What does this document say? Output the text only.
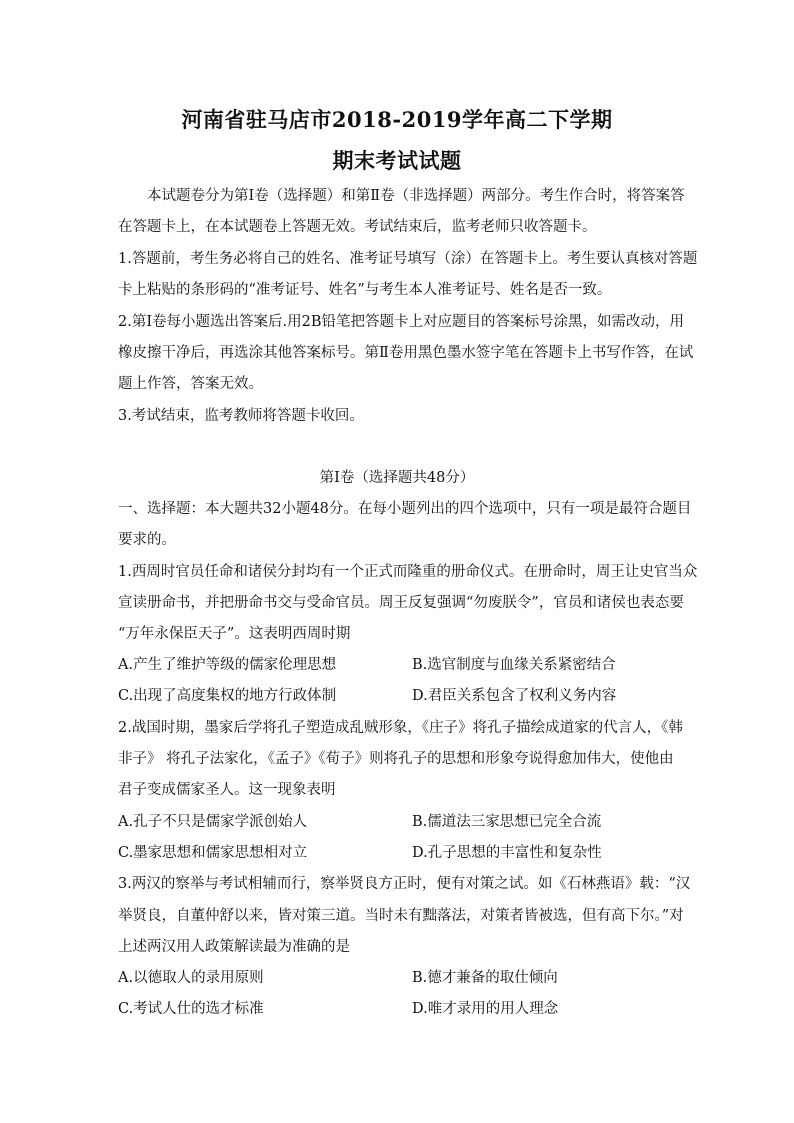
河南省驻马店市2018-2019学年高二下学期
期末考试试题
　　本试题卷分为第Ⅰ卷（选择题）和第Ⅱ卷（非选择题）两部分。考生作合时，将答案答
在答题卡上，在本试题卷上答题无效。考试结束后，监考老师只收答题卡。
1.答题前，考生务必将自己的姓名、准考证号填写（涂）在答题卡上。考生要认真核对答题
卡上粘贴的条形码的“准考证号、姓名”与考生本人准考证号、姓名是否一致。
2.第Ⅰ卷每小题选出答案后.用2B铅笔把答题卡上对应题目的答案标号涂黑，如需改动，用
橡皮擦干净后，再选涂其他答案标号。第Ⅱ卷用黑色墨水签字笔在答题卡上书写作答，在试
题上作答，答案无效。
3.考试结束，监考教师将答题卡收回。
第Ⅰ卷（选择题共48分）
一、选择题：本大题共32小题48分。在每小题列出的四个选项中，只有一项是最符合题目
要求的。
1.西周时官员任命和诸侯分封均有一个正式而隆重的册命仪式。在册命时，周王让史官当众
宣读册命书，并把册命书交与受命官员。周王反复强调“勿废朕令”，官员和诸侯也表态要
“万年永保臣天子”。这表明西周时期
A.产生了维护等级的儒家伦理思想	B.选官制度与血缘关系紧密结合
C.出现了高度集权的地方行政体制	D.君臣关系包含了权利义务内容
2.战国时期，墨家后学将孔子塑造成乱贼形象，《庄子》将孔子描绘成道家的代言人，《韩
非子》 将孔子法家化，《孟子》《荀子》则将孔子的思想和形象夸说得愈加伟大，使他由
君子变成儒家圣人。这一现象表明
A.孔子不只是儒家学派创始人	B.儒道法三家思想已完全合流
C.墨家思想和儒家思想相对立	D.孔子思想的丰富性和复杂性
3.两汉的察举与考试相辅而行，察举贤良方正时，便有对策之试。如《石林燕语》载：“汉
举贤良，自董仲舒以来，皆对策三道。当时未有黜落法，对策者皆被选，但有高下尔。”对
上述两汉用人政策解读最为准确的是
A.以德取人的录用原则	B.德才兼备的取仕倾向
C.考试人仕的选才标准	D.唯才录用的用人理念
